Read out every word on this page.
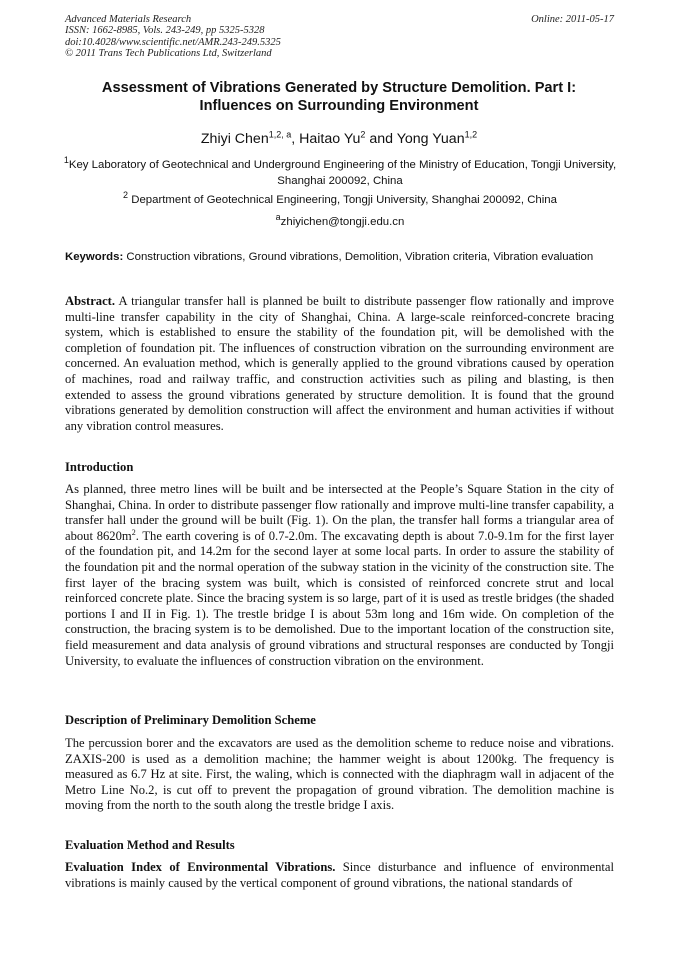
Advanced Materials Research
ISSN: 1662-8985, Vols. 243-249, pp 5325-5328
doi:10.4028/www.scientific.net/AMR.243-249.5325
© 2011 Trans Tech Publications Ltd, Switzerland
Online: 2011-05-17
Assessment of Vibrations Generated by Structure Demolition. Part I:
Influences on Surrounding Environment
Zhiyi Chen$^{1,2, a}$, Haitao Yu$^2$ and Yong Yuan$^{1,2}$
$^1$Key Laboratory of Geotechnical and Underground Engineering of the Ministry of Education, Tongji University, Shanghai 200092, China
$^2$ Department of Geotechnical Engineering, Tongji University, Shanghai 200092, China
$^a$zhiyichen@tongji.edu.cn
Keywords: Construction vibrations, Ground vibrations, Demolition, Vibration criteria, Vibration evaluation

Abstract. A triangular transfer hall is planned be built to distribute passenger flow rationally and improve multi-line transfer capability in the city of Shanghai, China. A large-scale reinforced-concrete bracing system, which is established to ensure the stability of the foundation pit, will be demolished with the completion of foundation pit. The influences of construction vibration on the surrounding environment are concerned. An evaluation method, which is generally applied to the ground vibrations caused by operation of machines, road and railway traffic, and construction activities such as piling and blasting, is then extended to assess the ground vibrations generated by structure demolition. It is found that the ground vibrations generated by demolition construction will affect the environment and human activities if without any vibration control measures.

Introduction

As planned, three metro lines will be built and be intersected at the People’s Square Station in the city of Shanghai, China. In order to distribute passenger flow rationally and improve multi-line transfer capability, a transfer hall under the ground will be built (Fig. 1). On the plan, the transfer hall forms a triangular area of about $8620m^2$. The earth covering is of 0.7-2.0m. The excavating depth is about 7.0-9.1m for the first layer of the foundation pit, and 14.2m for the second layer at some local parts. In order to assure the stability of the foundation pit and the normal operation of the subway station in the vicinity of the construction site. The first layer of the bracing system was built, which is consisted of reinforced concrete strut and local reinforced concrete plate. Since the bracing system is so large, part of it is used as trestle bridges (the shaded portions I and II in Fig. 1). The trestle bridge I is about 53m long and 16m wide. On completion of the construction, the bracing system is to be demolished. Due to the important location of the construction site, field measurement and data analysis of ground vibrations and structural responses are conducted by Tongji University, to evaluate the influences of construction vibration on the environment.

Description of Preliminary Demolition Scheme

The percussion borer and the excavators are used as the demolition scheme to reduce noise and vibrations. ZAXIS-200 is used as a demolition machine; the hammer weight is about 1200kg. The frequency is measured as 6.7 Hz at site. First, the waling, which is connected with the diaphragm wall in adjacent of the Metro Line No.2, is cut off to prevent the propagation of ground vibration. The demolition machine is moving from the north to the south along the trestle bridge I axis.

Evaluation Method and Results

Evaluation Index of Environmental Vibrations. Since disturbance and influence of environmental vibrations is mainly caused by the vertical component of ground vibrations, the national standards of
